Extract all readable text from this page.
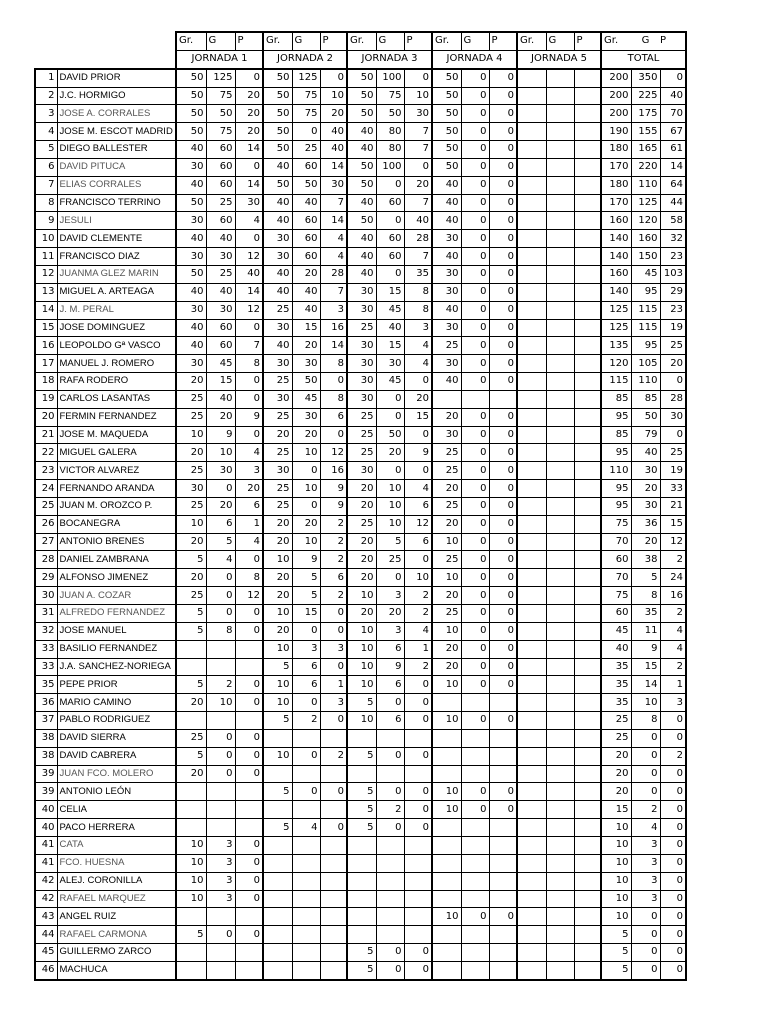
		Gr.	G	P	Gr.	G	P	Gr.	G	P	Gr.	G	P	Gr.	G	P	Gr.	G	P
		JORNADA 1			JORNADA 2			JORNADA 3			JORNADA 4			JORNADA 5			TOTAL		
1	DAVID PRIOR	50	125	0	50	125	0	50	100	0	50	0	0				200	350	0
2	J.C. HORMIGO	50	75	20	50	75	10	50	75	10	50	0	0				200	225	40
3	JOSE A. CORRALES	50	50	20	50	75	20	50	50	30	50	0	0				200	175	70
4	JOSE M. ESCOT MADRID	50	75	20	50	0	40	40	80	7	50	0	0				190	155	67
5	DIEGO BALLESTER	40	60	14	50	25	40	40	80	7	50	0	0				180	165	61
6	DAVID PITUCA	30	60	0	40	60	14	50	100	0	50	0	0				170	220	14
7	ELIAS CORRALES	40	60	14	50	50	30	50	0	20	40	0	0				180	110	64
8	FRANCISCO TERRINO	50	25	30	40	40	7	40	60	7	40	0	0				170	125	44
9	JESULI	30	60	4	40	60	14	50	0	40	40	0	0				160	120	58
10	DAVID CLEMENTE	40	40	0	30	60	4	40	60	28	30	0	0				140	160	32
11	FRANCISCO DIAZ	30	30	12	30	60	4	40	60	7	40	0	0				140	150	23
12	JUANMA GLEZ MARIN	50	25	40	40	20	28	40	0	35	30	0	0				160	45	103
13	MIGUEL A. ARTEAGA	40	40	14	40	40	7	30	15	8	30	0	0				140	95	29
14	J. M. PERAL	30	30	12	25	40	3	30	45	8	40	0	0				125	115	23
15	JOSE DOMINGUEZ	40	60	0	30	15	16	25	40	3	30	0	0				125	115	19
16	LEOPOLDO Gª VASCO	40	60	7	40	20	14	30	15	4	25	0	0				135	95	25
17	MANUEL J. ROMERO	30	45	8	30	30	8	30	30	4	30	0	0				120	105	20
18	RAFA RODERO	20	15	0	25	50	0	30	45	0	40	0	0				115	110	0
19	CARLOS LASANTAS	25	40	0	30	45	8	30	0	20							85	85	28
20	FERMIN FERNANDEZ	25	20	9	25	30	6	25	0	15	20	0	0				95	50	30
21	JOSE M. MAQUEDA	10	9	0	20	20	0	25	50	0	30	0	0				85	79	0
22	MIGUEL GALERA	20	10	4	25	10	12	25	20	9	25	0	0				95	40	25
23	VICTOR ALVAREZ	25	30	3	30	0	16	30	0	0	25	0	0				110	30	19
24	FERNANDO ARANDA	30	0	20	25	10	9	20	10	4	20	0	0				95	20	33
25	JUAN M. OROZCO P.	25	20	6	25	0	9	20	10	6	25	0	0				95	30	21
26	BOCANEGRA	10	6	1	20	20	2	25	10	12	20	0	0				75	36	15
27	ANTONIO BRENES	20	5	4	20	10	2	20	5	6	10	0	0				70	20	12
28	DANIEL ZAMBRANA	5	4	0	10	9	2	20	25	0	25	0	0				60	38	2
29	ALFONSO JIMENEZ	20	0	8	20	5	6	20	0	10	10	0	0				70	5	24
30	JUAN A. COZAR	25	0	12	20	5	2	10	3	2	20	0	0				75	8	16
31	ALFREDO FERNANDEZ	5	0	0	10	15	0	20	20	2	25	0	0				60	35	2
32	JOSE MANUEL	5	8	0	20	0	0	10	3	4	10	0	0				45	11	4
33	BASILIO FERNANDEZ				10	3	3	10	6	1	20	0	0				40	9	4
33	J.A. SANCHEZ-NORIEGA				5	6	0	10	9	2	20	0	0				35	15	2
35	PEPE PRIOR	5	2	0	10	6	1	10	6	0	10	0	0				35	14	1
36	MARIO CAMINO	20	10	0	10	0	3	5	0	0							35	10	3
37	PABLO RODRIGUEZ				5	2	0	10	6	0	10	0	0				25	8	0
38	DAVID SIERRA	25	0	0													25	0	0
38	DAVID CABRERA	5	0	0	10	0	2	5	0	0							20	0	2
39	JUAN FCO. MOLERO	20	0	0													20	0	0
39	ANTONIO LEÓN				5	0	0	5	0	0	10	0	0				20	0	0
40	CELIA							5	2	0	10	0	0				15	2	0
40	PACO HERRERA				5	4	0	5	0	0							10	4	0
41	CATA	10	3	0													10	3	0
41	FCO. HUESNA	10	3	0													10	3	0
42	ALEJ. CORONILLA	10	3	0													10	3	0
42	RAFAEL MARQUEZ	10	3	0													10	3	0
43	ANGEL RUIZ										10	0	0				10	0	0
44	RAFAEL CARMONA	5	0	0													5	0	0
45	GUILLERMO ZARCO							5	0	0							5	0	0
46	MACHUCA							5	0	0							5	0	0
